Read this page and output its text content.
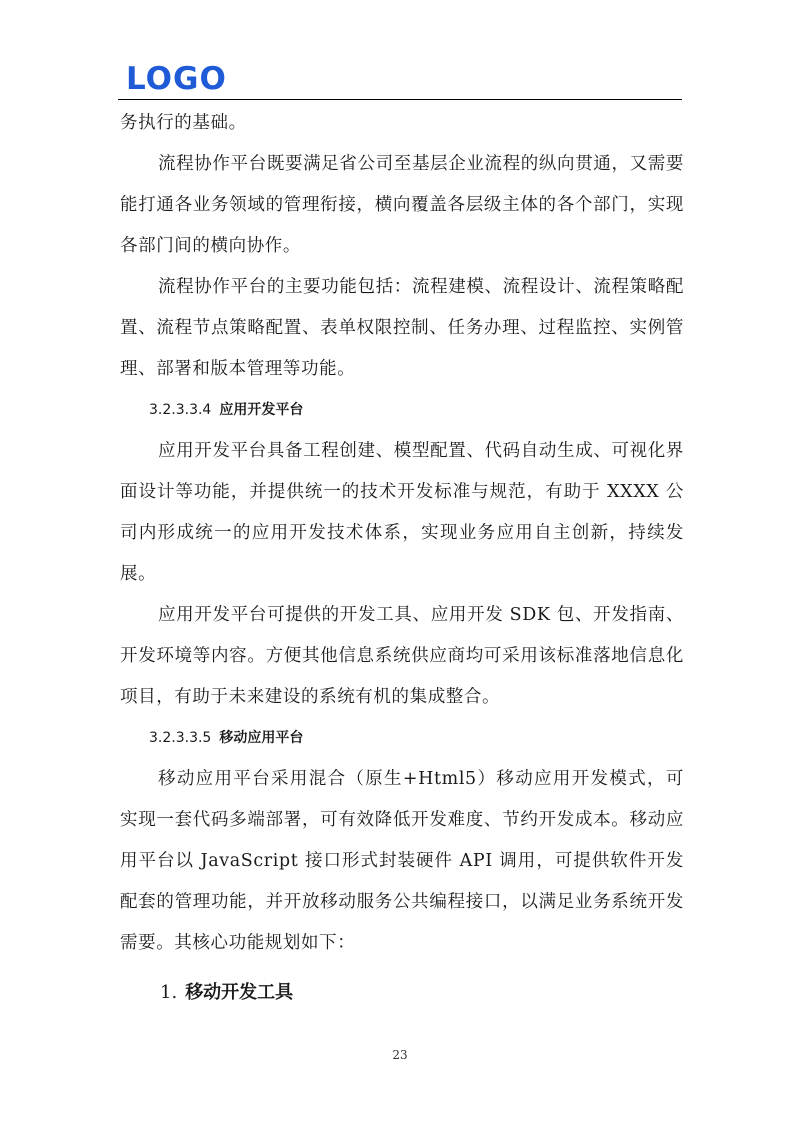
LOGO

务执行的基础。

流程协作平台既要满足省公司至基层企业流程的纵向贯通，又需要能打通各业务领域的管理衔接，横向覆盖各层级主体的各个部门，实现各部门间的横向协作。

流程协作平台的主要功能包括：流程建模、流程设计、流程策略配置、流程节点策略配置、表单权限控制、任务办理、过程监控、实例管理、部署和版本管理等功能。

3.2.3.3.4 应用开发平台

应用开发平台具备工程创建、模型配置、代码自动生成、可视化界面设计等功能，并提供统一的技术开发标准与规范，有助于 XXXX 公司内形成统一的应用开发技术体系，实现业务应用自主创新，持续发展。

应用开发平台可提供的开发工具、应用开发 SDK 包、开发指南、开发环境等内容。方便其他信息系统供应商均可采用该标准落地信息化项目，有助于未来建设的系统有机的集成整合。

3.2.3.3.5 移动应用平台

移动应用平台采用混合（原生+Html5）移动应用开发模式，可实现一套代码多端部署，可有效降低开发难度、节约开发成本。移动应用平台以 JavaScript 接口形式封装硬件 API 调用，可提供软件开发配套的管理功能，并开放移动服务公共编程接口，以满足业务系统开发需要。其核心功能规划如下：

1. 移动开发工具
23
